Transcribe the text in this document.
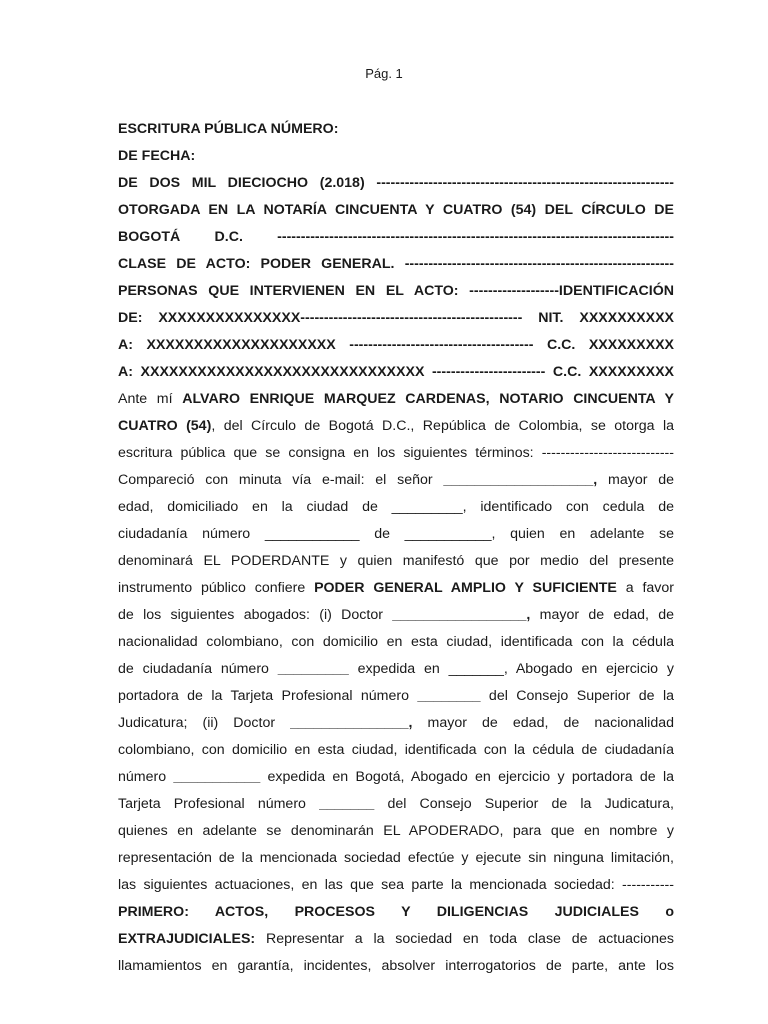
Pág. 1
ESCRITURA PÚBLICA NÚMERO:
DE FECHA:
DE DOS MIL DIECIOCHO (2.018) ---------------------------------------------------------------
OTORGADA EN LA NOTARÍA CINCUENTA Y CUATRO (54) DEL CÍRCULO DE
BOGOTÁ D.C. ------------------------------------------------------------------------------------
CLASE DE ACTO: PODER GENERAL. ---------------------------------------------------------
PERSONAS QUE INTERVIENEN EN EL ACTO: -------------------IDENTIFICACIÓN
DE: XXXXXXXXXXXXXXX----------------------------------------------- NIT. XXXXXXXXXX
A: XXXXXXXXXXXXXXXXXXXX --------------------------------------- C.C. XXXXXXXXX
A: XXXXXXXXXXXXXXXXXXXXXXXXXXXXXX ------------------------ C.C. XXXXXXXXX
Ante mí ALVARO ENRIQUE MARQUEZ CARDENAS, NOTARIO CINCUENTA Y
CUATRO (54), del Círculo de Bogotá D.C., República de Colombia, se otorga la
escritura pública que se consigna en los siguientes términos: ----------------------------
Compareció con minuta vía e-mail: el señor ___________________, mayor de
edad, domiciliado en la ciudad de _________, identificado con cedula de
ciudadanía número ____________ de ___________, quien en adelante se
denominará EL PODERDANTE y quien manifestó que por medio del presente
instrumento público confiere PODER GENERAL AMPLIO Y SUFICIENTE a favor
de los siguientes abogados: (i) Doctor _________________, mayor de edad, de
nacionalidad colombiano, con domicilio en esta ciudad, identificada con la cédula
de ciudadanía número _________ expedida en _______, Abogado en ejercicio y
portadora de la Tarjeta Profesional número ________ del Consejo Superior de la
Judicatura; (ii) Doctor _______________, mayor de edad, de nacionalidad
colombiano, con domicilio en esta ciudad, identificada con la cédula de ciudadanía
número ___________ expedida en Bogotá, Abogado en ejercicio y portadora de la
Tarjeta Profesional número _______ del Consejo Superior de la Judicatura,
quienes en adelante se denominarán EL APODERADO, para que en nombre y
representación de la mencionada sociedad efectúe y ejecute sin ninguna limitación,
las siguientes actuaciones, en las que sea parte la mencionada sociedad: -----------
PRIMERO: ACTOS, PROCESOS Y DILIGENCIAS JUDICIALES o
EXTRAJUDICIALES: Representar a la sociedad en toda clase de actuaciones
llamamientos en garantía, incidentes, absolver interrogatorios de parte, ante los
